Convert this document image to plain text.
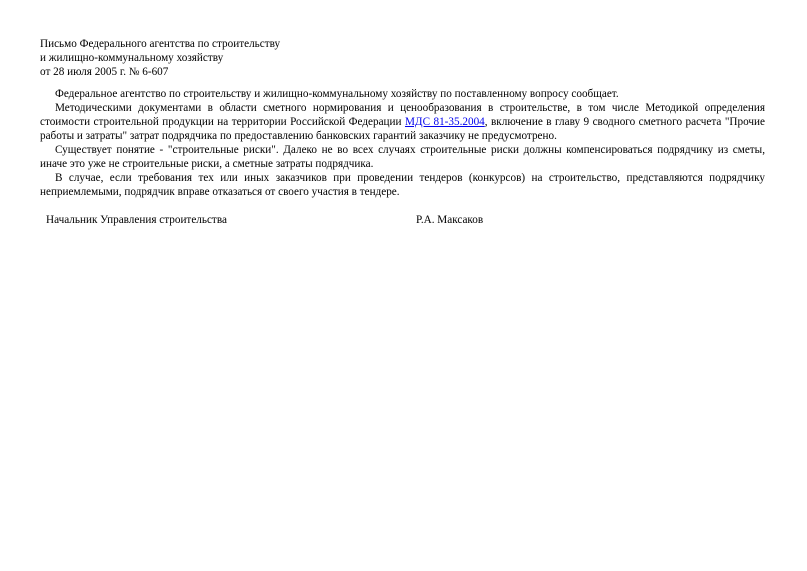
Письмо Федерального агентства по строительству
и жилищно-коммунальному хозяйству
от 28 июля 2005 г. № 6-607

Федеральное агентство по строительству и жилищно-коммунальному хозяйству по поставленному вопросу сообщает.

Методическими документами в области сметного нормирования и ценообразования в строительстве, в том числе Методикой определения стоимости строительной продукции на территории Российской Федерации МДС 81-35.2004, включение в главу 9 сводного сметного расчета "Прочие работы и затраты" затрат подрядчика по предоставлению банковских гарантий заказчику не предусмотрено.

Существует понятие - "строительные риски". Далеко не во всех случаях строительные риски должны компенсироваться подрядчику из сметы, иначе это уже не строительные риски, а сметные затраты подрядчика.

В случае, если требования тех или иных заказчиков при проведении тендеров (конкурсов) на строительство, представляются подрядчику неприемлемыми, подрядчик вправе отказаться от своего участия в тендере.

Начальник Управления строительства	Р.А. Максаков
